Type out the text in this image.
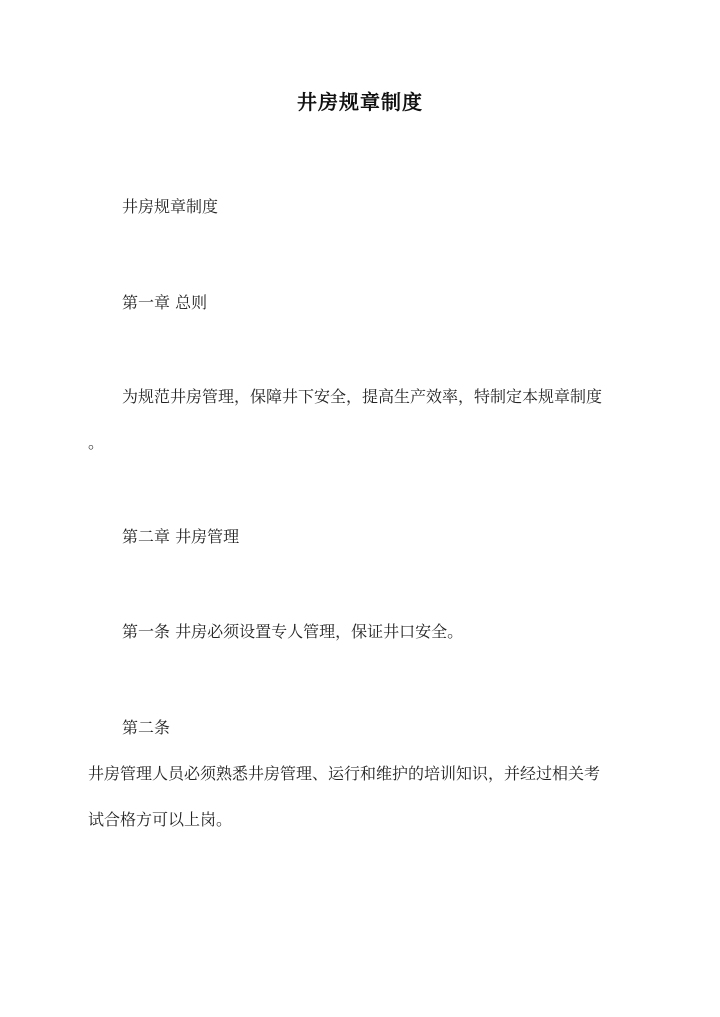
井房规章制度
井房规章制度
第一章 总则
为规范井房管理，保障井下安全，提高生产效率，特制定本规章制度
。
第二章 井房管理
第一条 井房必须设置专人管理，保证井口安全。
第二条
井房管理人员必须熟悉井房管理、运行和维护的培训知识，并经过相关考
试合格方可以上岗。
